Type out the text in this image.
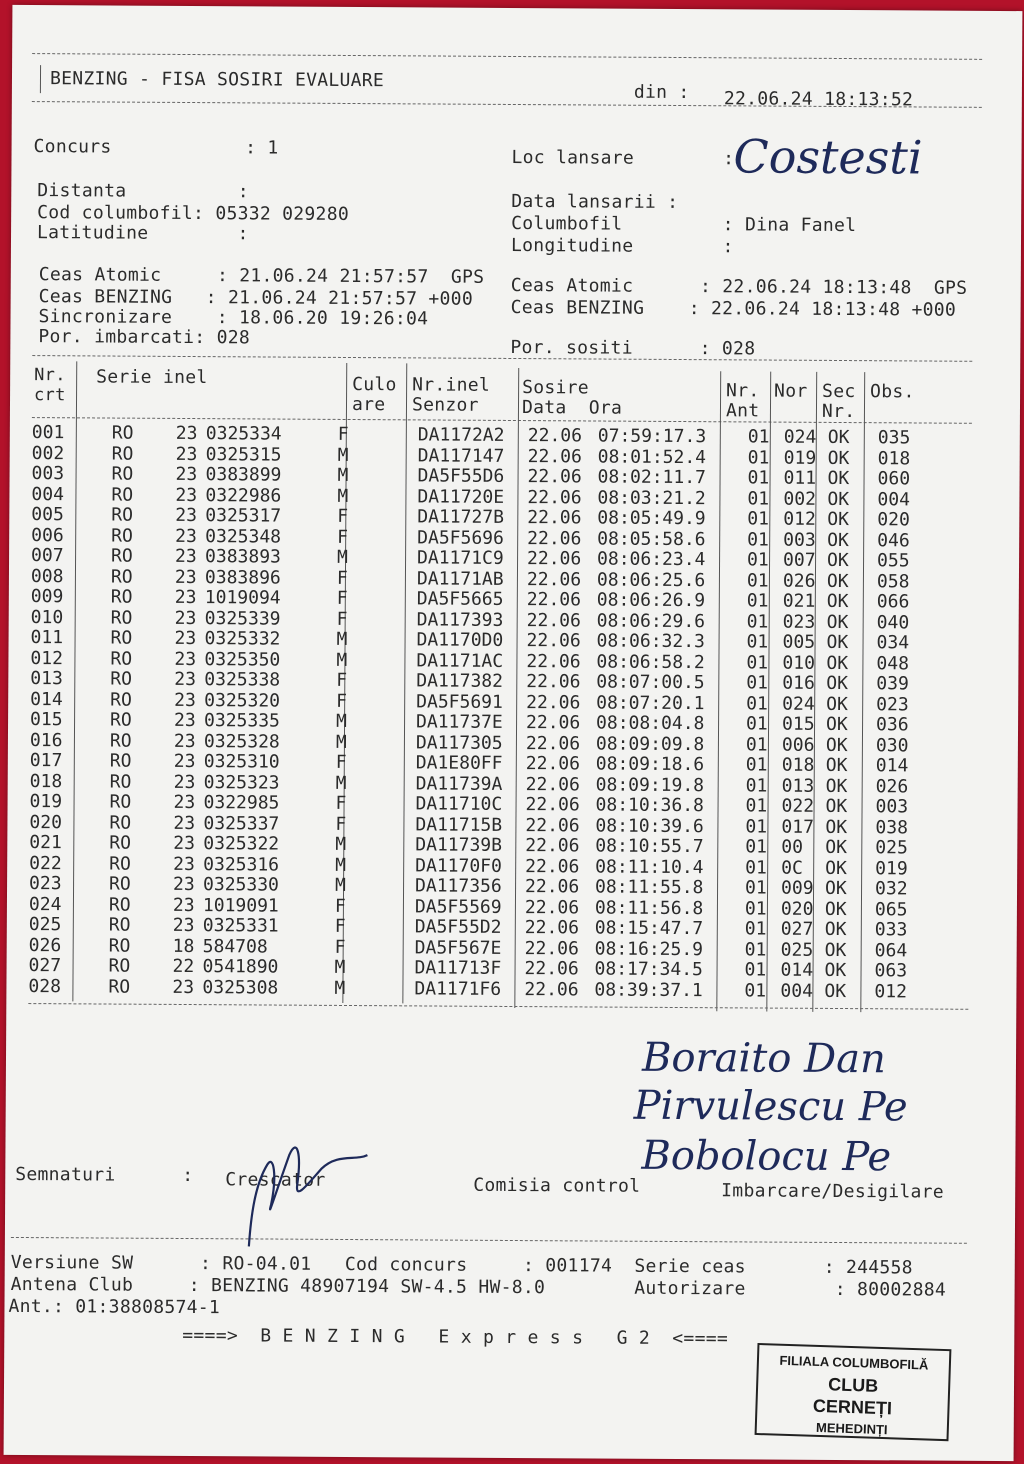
BENZING - FISA SOSIRI EVALUARE
din : 22.06.24 18:13:52
Concurs            : 1
Distanta          :
Cod columbofil: 05332 029280
Latitudine        :
Ceas Atomic     : 21.06.24 21:57:57  GPS
Ceas BENZING   : 21.06.24 21:57:57 +000
Sincronizare    : 18.06.20 19:26:04
Por. imbarcati: 028
Loc lansare        : Costesti
Data lansarii :
Columbofil         : Dina Fanel
Longitudine        :
Ceas Atomic      : 22.06.24 18:13:48  GPS
Ceas BENZING    : 22.06.24 18:13:48 +000
Por. sositi      : 028
Nr.
crt
Serie inel	Culo
are
Nr.inel
Senzor
Sosire
Data  Ora
Nr.
Ant
Nor Sec
Nr.
Obs.
001	RO 23 0325334	F	DA1172A2 22.06 07:59:17.3 01 024 OK 035
002	RO 23 0325315	M	DA117147 22.06 08:01:52.4 01 019 OK 018
003	RO 23 0383899	M	DA5F55D6 22.06 08:02:11.7 01 011 OK 060
004	RO 23 0322986	M	DA11720E 22.06 08:03:21.2 01 002 OK 004
005	RO 23 0325317	F	DA11727B 22.06 08:05:49.9 01 012 OK 020
006	RO 23 0325348	F	DA5F5696 22.06 08:05:58.6 01 003 OK 046
007	RO 23 0383893	M	DA1171C9 22.06 08:06:23.4 01 007 OK 055
008	RO 23 0383896	F	DA1171AB 22.06 08:06:25.6 01 026 OK 058
009	RO 23 1019094	F	DA5F5665 22.06 08:06:26.9 01 021 OK 066
010	RO 23 0325339	F	DA117393 22.06 08:06:29.6 01 023 OK 040
011	RO 23 0325332	M	DA1170D0 22.06 08:06:32.3 01 005 OK 034
012	RO 23 0325350	M	DA1171AC 22.06 08:06:58.2 01 010 OK 048
013	RO 23 0325338	F	DA117382 22.06 08:07:00.5 01 016 OK 039
014	RO 23 0325320	F	DA5F5691 22.06 08:07:20.1 01 024 OK 023
015	RO 23 0325335	M	DA11737E 22.06 08:08:04.8 01 015 OK 036
016	RO 23 0325328	M	DA117305 22.06 08:09:09.8 01 006 OK 030
017	RO 23 0325310	F	DA1E80FF 22.06 08:09:18.6 01 018 OK 014
018	RO 23 0325323	M	DA11739A 22.06 08:09:19.8 01 013 OK 026
019	RO 23 0322985	F	DA11710C 22.06 08:10:36.8 01 022 OK 003
020	RO 23 0325337	F	DA11715B 22.06 08:10:39.6 01 017 OK 038
021	RO 23 0325322	M	DA11739B 22.06 08:10:55.7 01 00 OK 025
022	RO 23 0325316	M	DA1170F0 22.06 08:11:10.4 01 0C OK 019
023	RO 23 0325330	M	DA117356 22.06 08:11:55.8 01 009 OK 032
024	RO 23 1019091	F	DA5F5569 22.06 08:11:56.8 01 020 OK 065
025	RO 23 0325331	F	DA5F55D2 22.06 08:15:47.7 01 027 OK 033
026	RO 18 584708	F	DA5F567E 22.06 08:16:25.9 01 025 OK 064
027	RO 22 0541890	M	DA11713F 22.06 08:17:34.5 01 014 OK 063
028	RO 23 0325308	M	DA1171F6 22.06 08:39:37.1 01 004 OK 012
Boraito Dan
Pirvulescu Pe
Bobolocu Pe
Semnaturi      : Crescator	Comisia control	Imbarcare/Desigilare
Versiune SW      : RO-04.01   Cod concurs     : 001174  Serie ceas       : 244558
Antena Club     : BENZING 48907194 SW-4.5 HW-8.0        Autorizare        : 80002884
Ant.: 01:38808574-1
====>  B E N Z I N G   E x p r e s s   G 2  <====
FILIALA COLUMBOFILĂ
CLUB
CERNEȚI
MEHEDINȚI
